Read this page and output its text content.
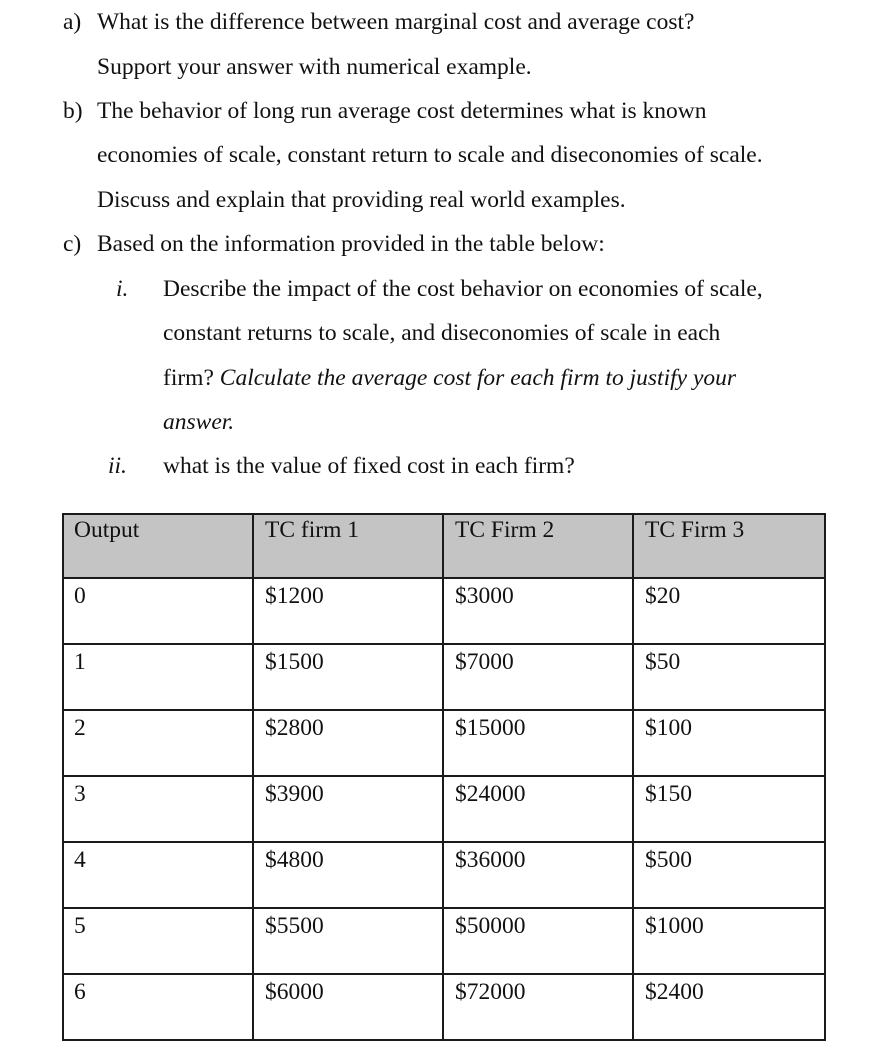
a) What is the difference between marginal cost and average cost?
Support your answer with numerical example.
b) The behavior of long run average cost determines what is known
economies of scale, constant return to scale and diseconomies of scale.
Discuss and explain that providing real world examples.
c) Based on the information provided in the table below:
i. Describe the impact of the cost behavior on economies of scale,
constant returns to scale, and diseconomies of scale in each
firm? Calculate the average cost for each firm to justify your
answer.
ii. what is the value of fixed cost in each firm?
Output	TC firm 1	TC Firm 2	TC Firm 3
0	$1200	$3000	$20
1	$1500	$7000	$50
2	$2800	$15000	$100
3	$3900	$24000	$150
4	$4800	$36000	$500
5	$5500	$50000	$1000
6	$6000	$72000	$2400
